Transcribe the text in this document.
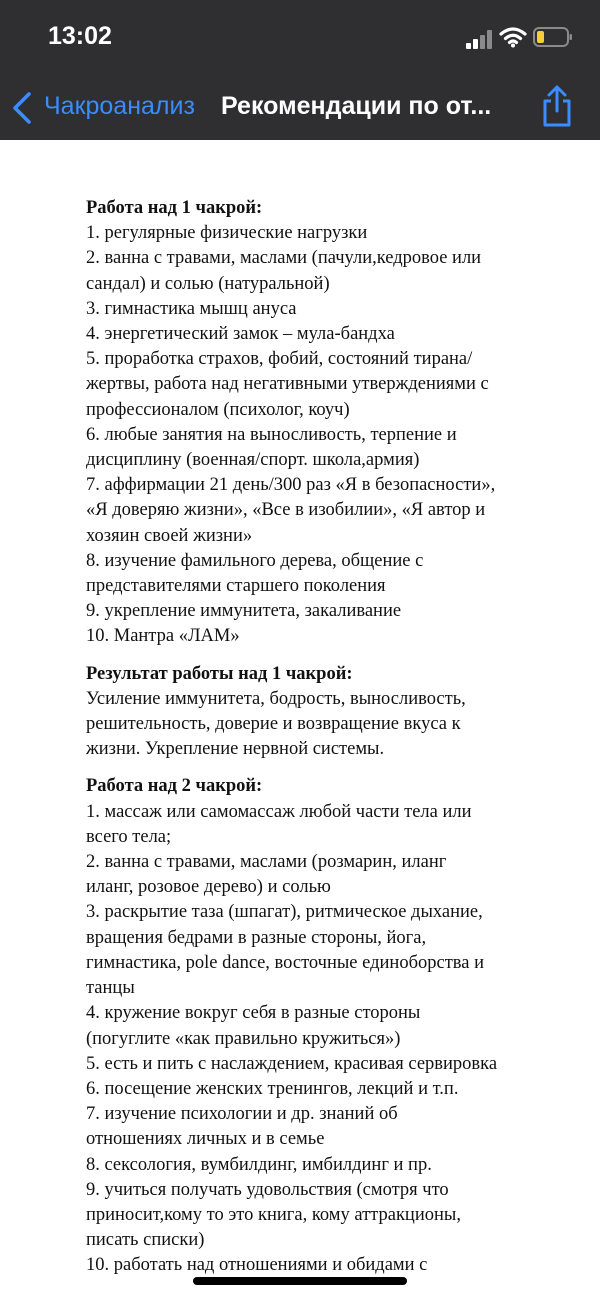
13:02
Чакроанализ Рекомендации по от...
Работа над 1 чакрой:
1. регулярные физические нагрузки
2. ванна с травами, маслами (пачули,кедровое или
сандал) и солью (натуральной)
3. гимнастика мышц ануса
4. энергетический замок – мула-бандха
5. проработка страхов, фобий, состояний тирана/
жертвы, работа над негативными утверждениями с
профессионалом (психолог, коуч)
6. любые занятия на выносливость, терпение и
дисциплину (военная/спорт. школа,армия)
7. аффирмации 21 день/300 раз «Я в безопасности»,
«Я доверяю жизни», «Все в изобилии», «Я автор и
хозяин своей жизни»
8. изучение фамильного дерева, общение с
представителями старшего поколения
9. укрепление иммунитета, закаливание
10. Мантра «ЛАМ»
Результат работы над 1 чакрой:
Усиление иммунитета, бодрость, выносливость,
решительность, доверие и возвращение вкуса к
жизни. Укрепление нервной системы.
Работа над 2 чакрой:
1. массаж или самомассаж любой части тела или
всего тела;
2. ванна с травами, маслами (розмарин, иланг
иланг, розовое дерево) и солью
3. раскрытие таза (шпагат), ритмическое дыхание,
вращения бедрами в разные стороны, йога,
гимнастика, pole dance, восточные единоборства и
танцы
4. кружение вокруг себя в разные стороны
(погуглите «как правильно кружиться»)
5. есть и пить с наслаждением, красивая сервировка
6. посещение женских тренингов, лекций и т.п.
7. изучение психологии и др. знаний об
отношениях личных и в семье
8. сексология, вумбилдинг, имбилдинг и пр.
9. учиться получать удовольствия (смотря что
приносит,кому то это книга, кому аттракционы,
писать списки)
10. работать над отношениями и обидами с
